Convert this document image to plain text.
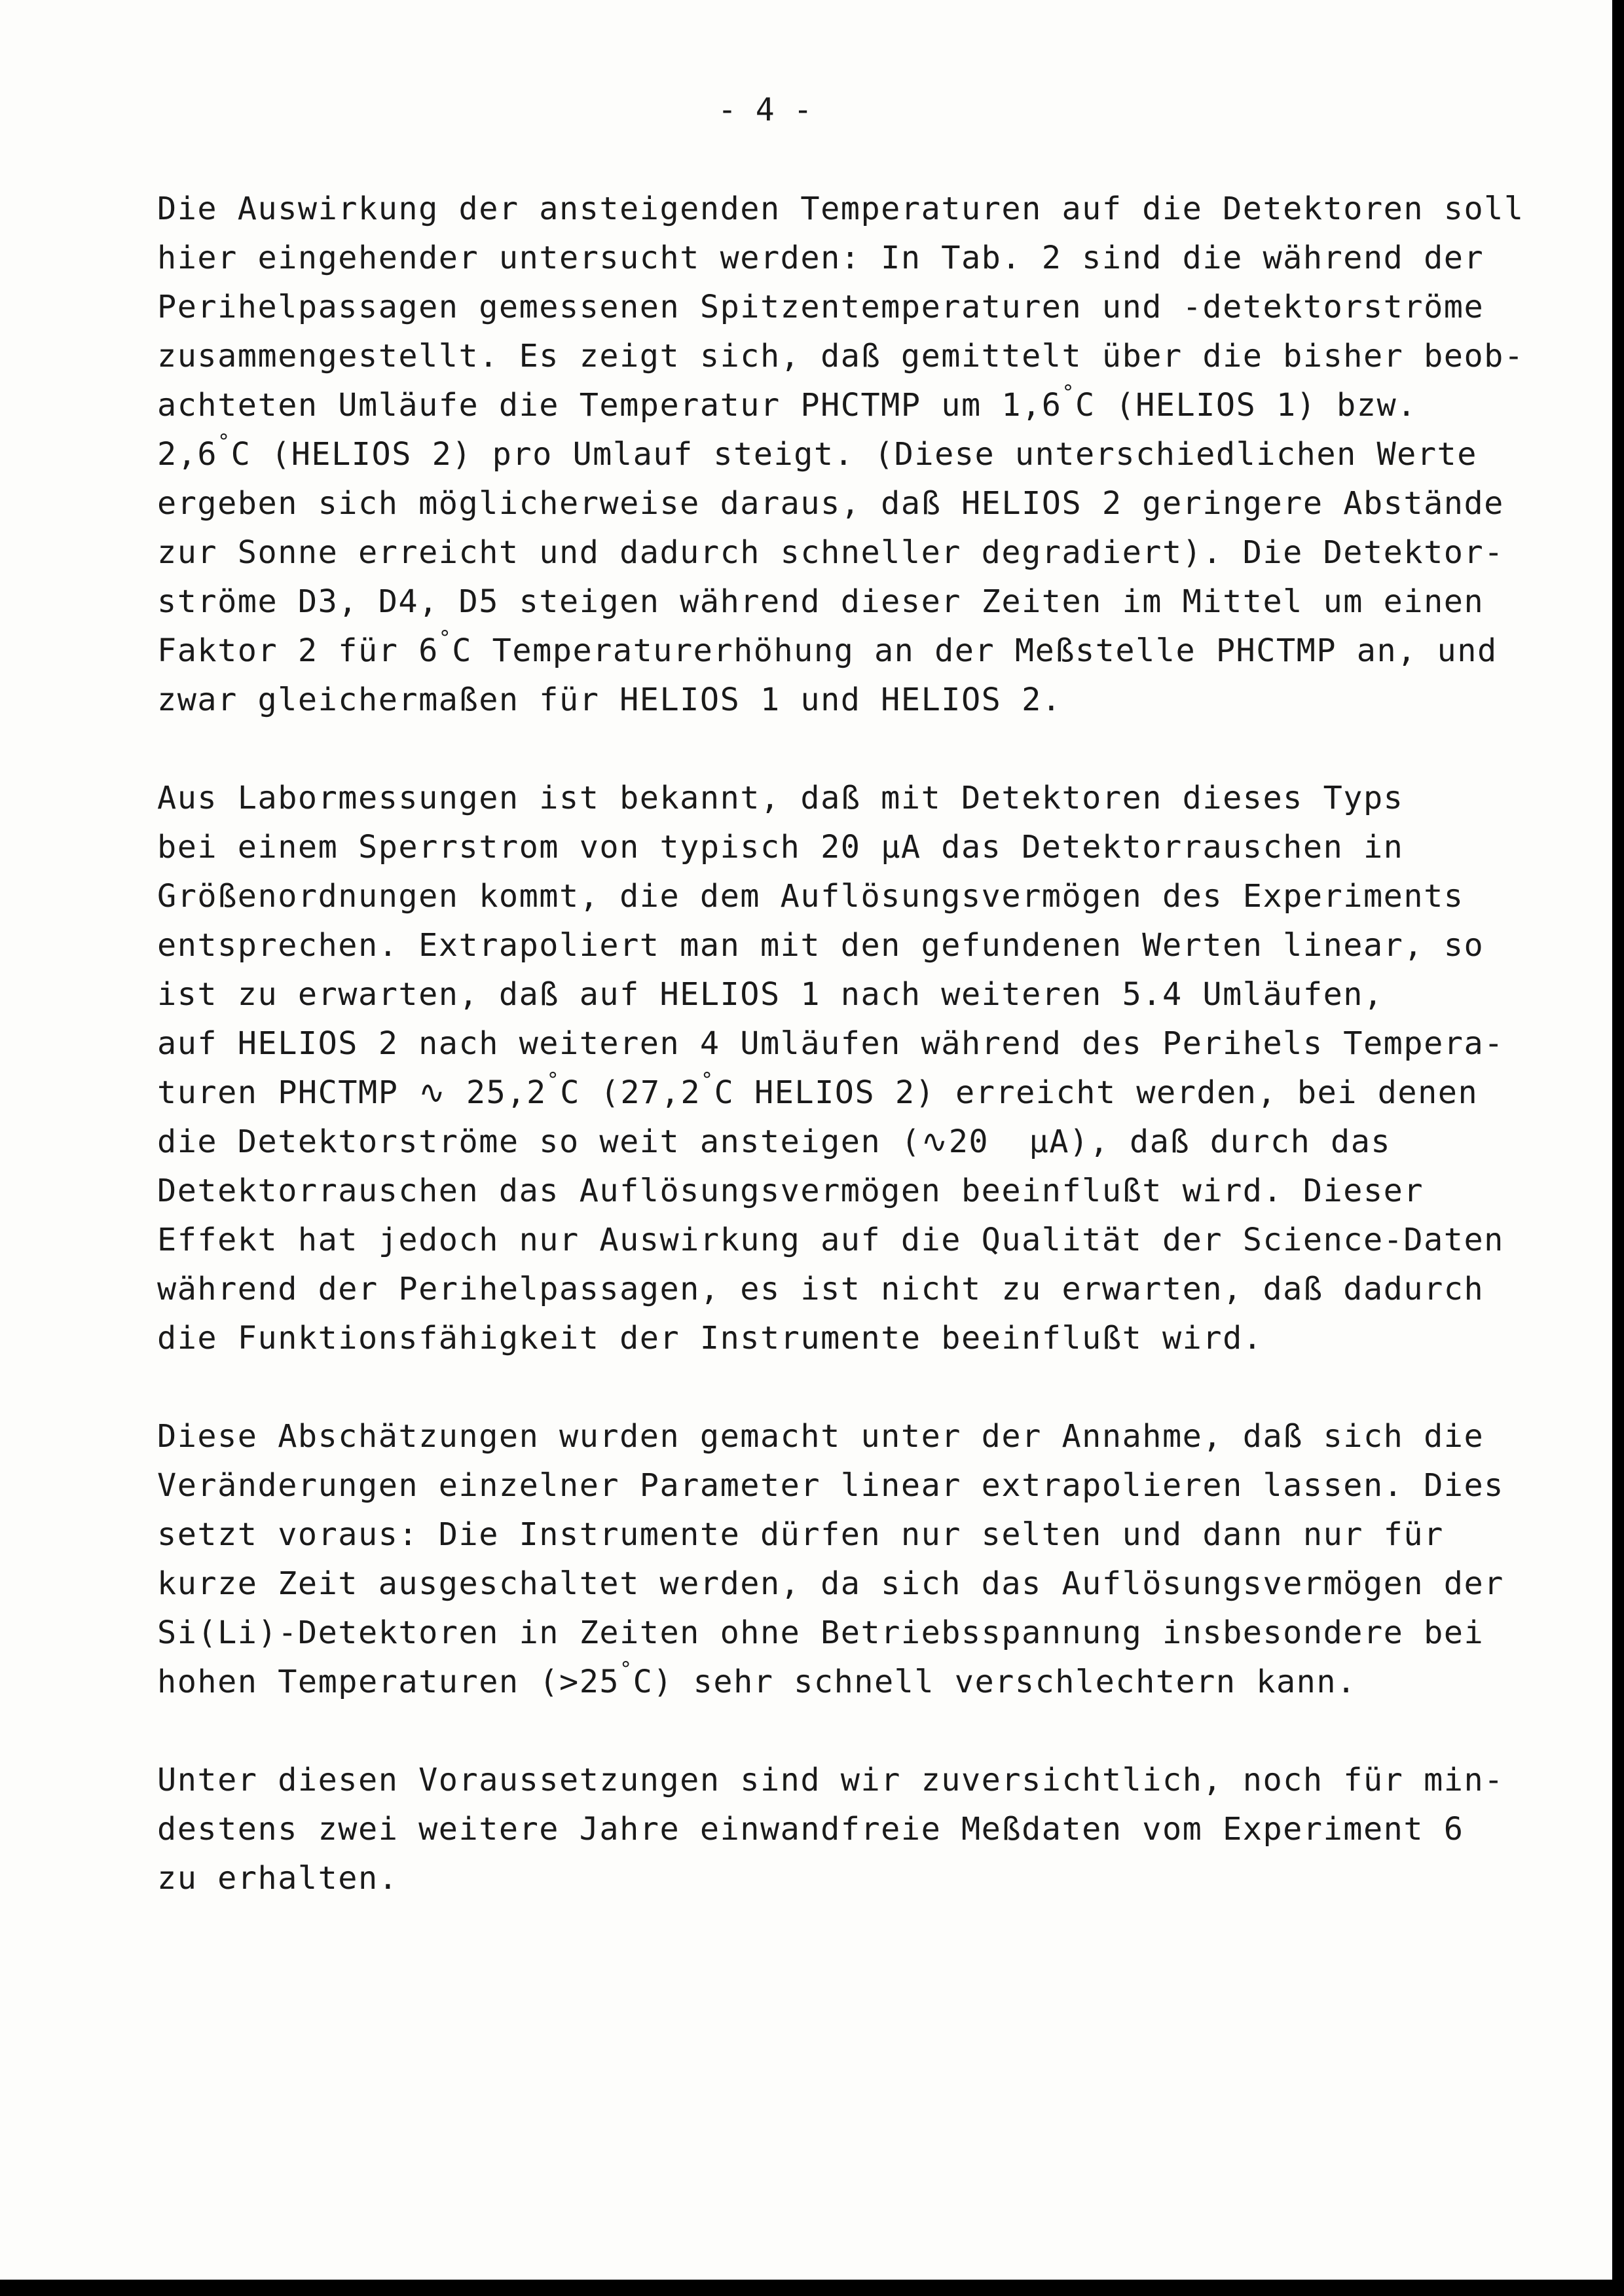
- 4 -

Die Auswirkung der ansteigenden Temperaturen auf die Detektoren soll
hier eingehender untersucht werden: In Tab. 2 sind die während der
Perihelpassagen gemessenen Spitzentemperaturen und -detektorströme
zusammengestellt. Es zeigt sich, daß gemittelt über die bisher beob-
achteten Umläufe die Temperatur PHCTMP um 1,6°C (HELIOS 1) bzw.
2,6°C (HELIOS 2) pro Umlauf steigt. (Diese unterschiedlichen Werte
ergeben sich möglicherweise daraus, daß HELIOS 2 geringere Abstände
zur Sonne erreicht und dadurch schneller degradiert). Die Detektor-
ströme D3, D4, D5 steigen während dieser Zeiten im Mittel um einen
Faktor 2 für 6°C Temperaturerhöhung an der Meßstelle PHCTMP an, und
zwar gleichermaßen für HELIOS 1 und HELIOS 2.

Aus Labormessungen ist bekannt, daß mit Detektoren dieses Typs
bei einem Sperrstrom von typisch 20 µA das Detektorrauschen in
Größenordnungen kommt, die dem Auflösungsvermögen des Experiments
entsprechen. Extrapoliert man mit den gefundenen Werten linear, so
ist zu erwarten, daß auf HELIOS 1 nach weiteren 5.4 Umläufen,
auf HELIOS 2 nach weiteren 4 Umläufen während des Perihels Tempera-
turen PHCTMP ∿ 25,2°C (27,2°C HELIOS 2) erreicht werden, bei denen
die Detektorströme so weit ansteigen (∿20  µA), daß durch das
Detektorrauschen das Auflösungsvermögen beeinflußt wird. Dieser
Effekt hat jedoch nur Auswirkung auf die Qualität der Science-Daten
während der Perihelpassagen, es ist nicht zu erwarten, daß dadurch
die Funktionsfähigkeit der Instrumente beeinflußt wird.

Diese Abschätzungen wurden gemacht unter der Annahme, daß sich die
Veränderungen einzelner Parameter linear extrapolieren lassen. Dies
setzt voraus: Die Instrumente dürfen nur selten und dann nur für
kurze Zeit ausgeschaltet werden, da sich das Auflösungsvermögen der
Si(Li)-Detektoren in Zeiten ohne Betriebsspannung insbesondere bei
hohen Temperaturen (>25°C) sehr schnell verschlechtern kann.

Unter diesen Voraussetzungen sind wir zuversichtlich, noch für min-
destens zwei weitere Jahre einwandfreie Meßdaten vom Experiment 6
zu erhalten.
